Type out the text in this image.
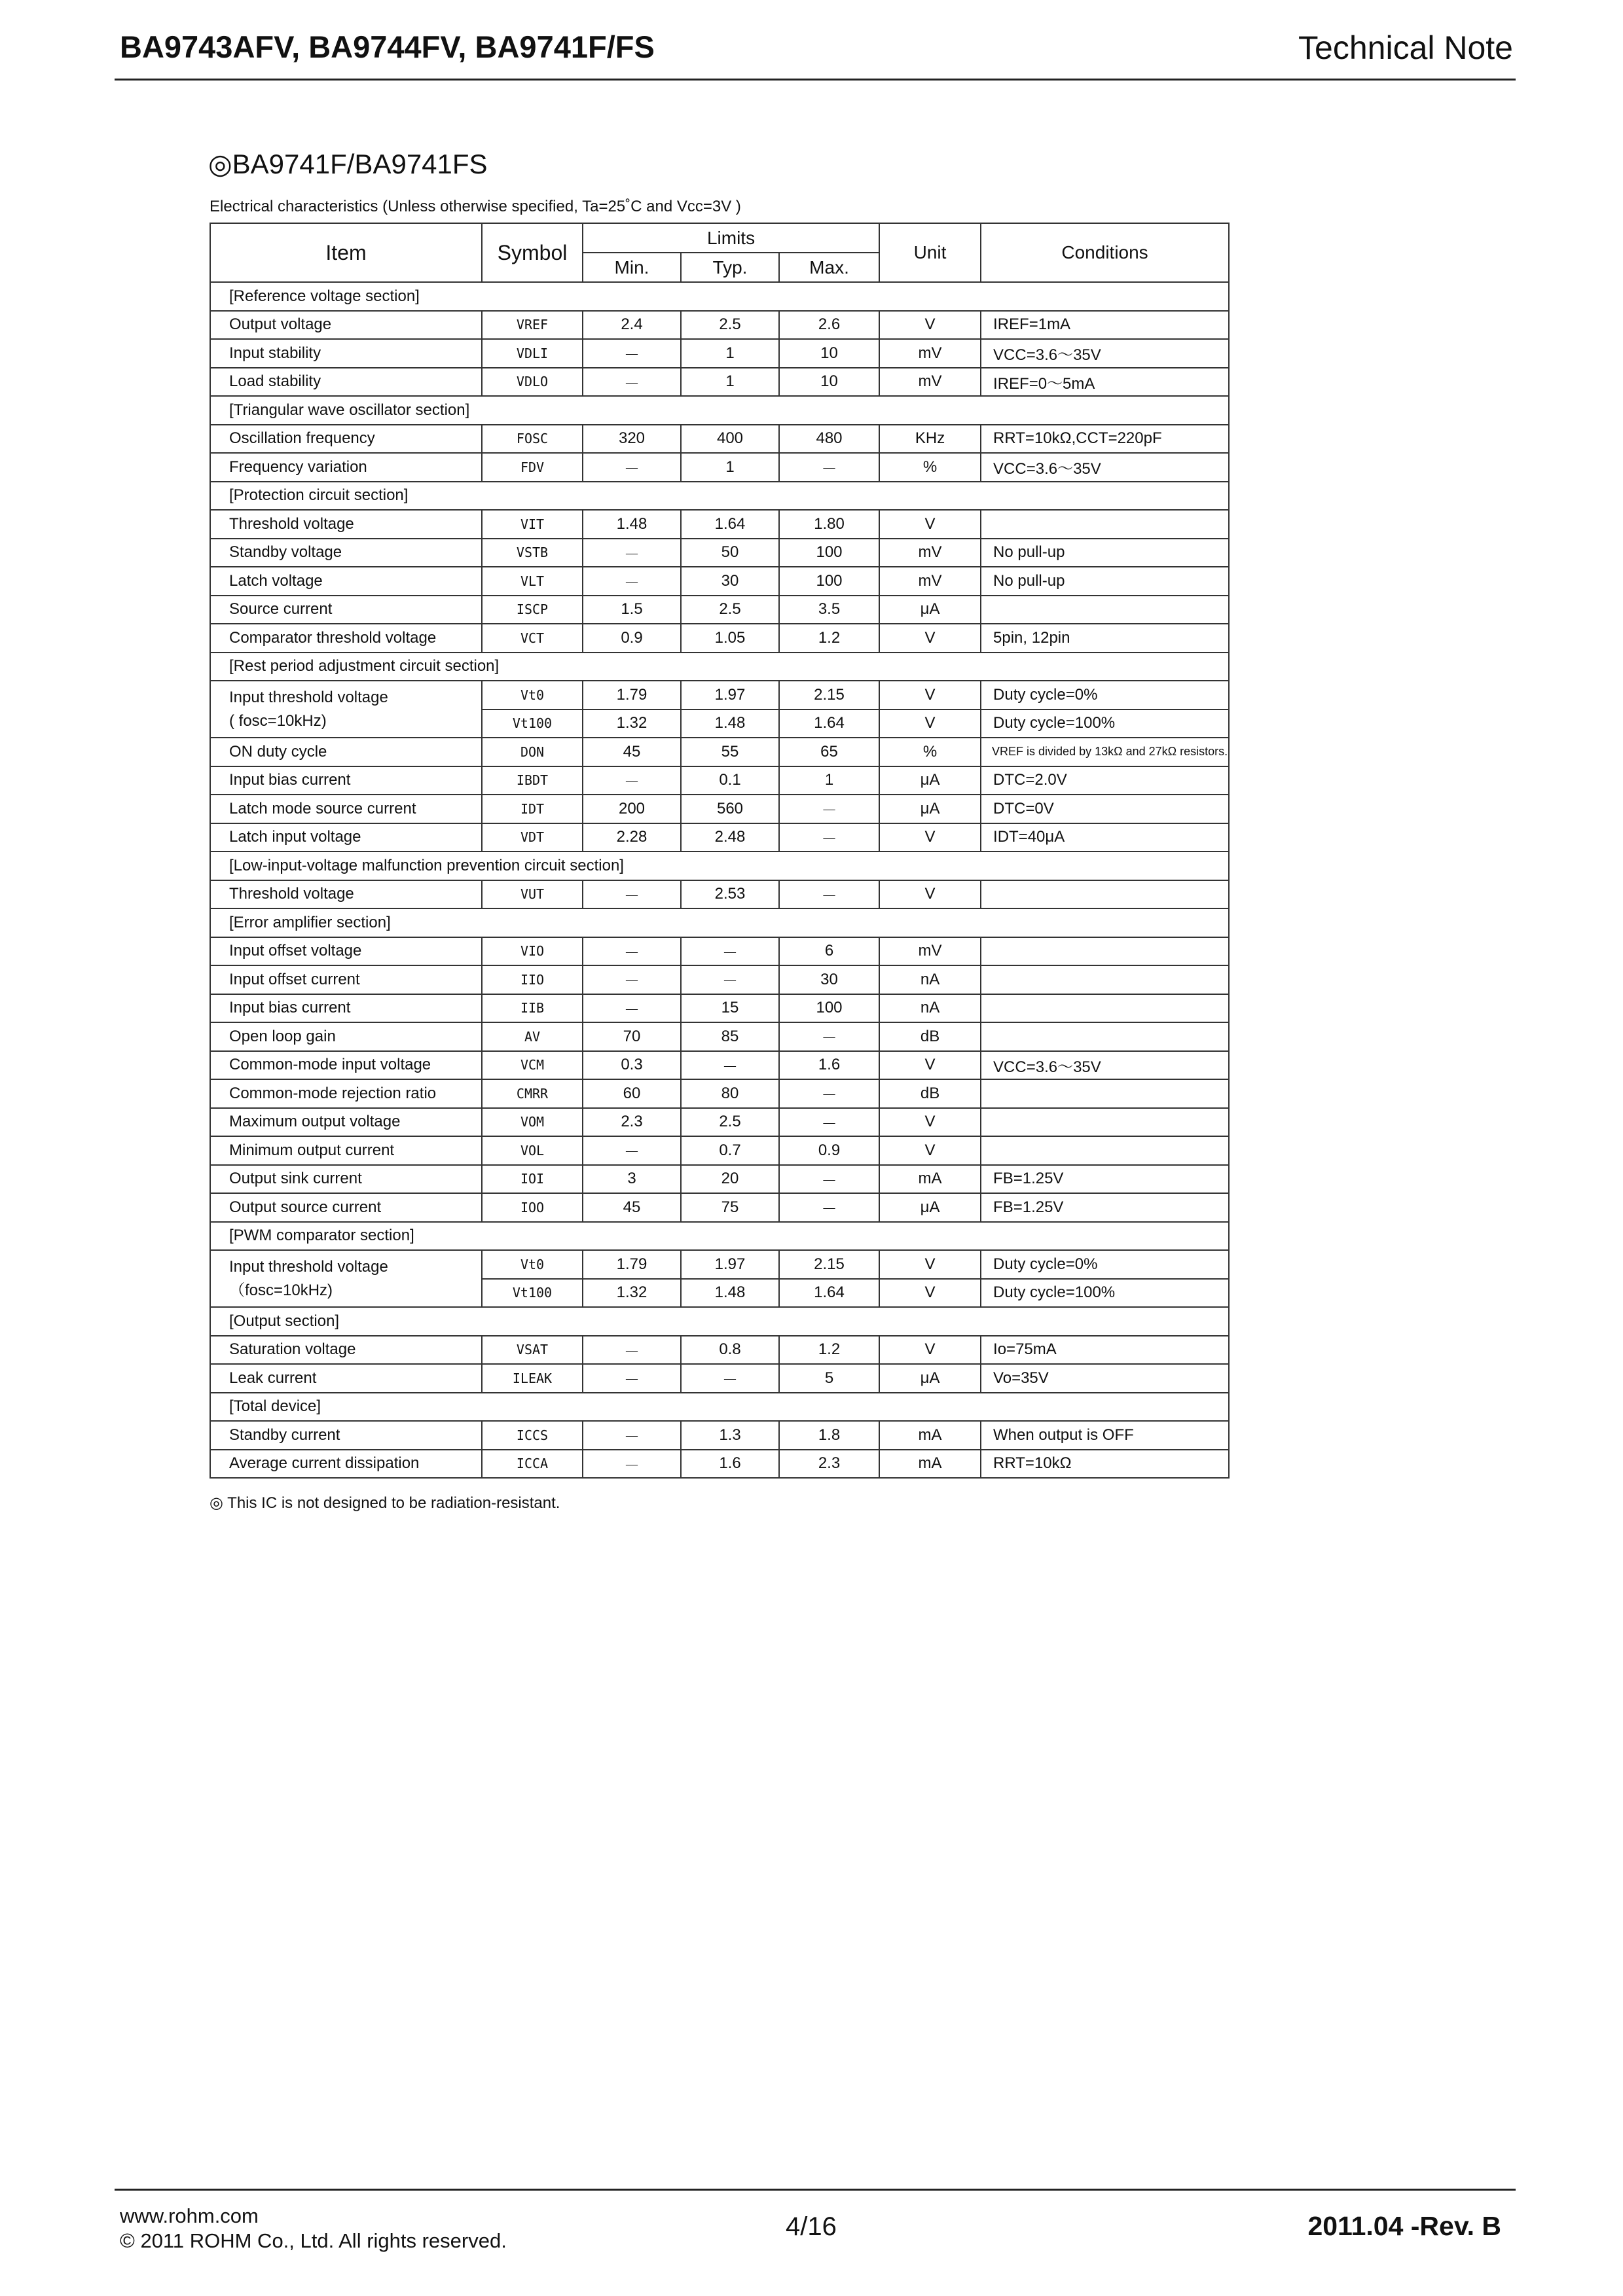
BA9743AFV, BA9744FV, BA9741F/FS	Technical Note
◎BA9741F/BA9741FS
Electrical characteristics (Unless otherwise specified, Ta=25˚C and Vcc=3V )
Item	Symbol	Limits			Unit	Conditions
		Min.	Typ.	Max.		
[Reference voltage section]						
Output voltage	VREF	2.4	2.5	2.6	V	IREF=1mA
Input stability	VDLI	－	1	10	mV	VCC=3.6～35V
Load stability	VDLO	－	1	10	mV	IREF=0～5mA
[Triangular wave oscillator section]						
Oscillation frequency	FOSC	320	400	480	KHz	RRT=10kΩ,CCT=220pF
Frequency variation	FDV	－	1	－	%	VCC=3.6～35V
[Protection circuit section]						
Threshold voltage	VIT	1.48	1.64	1.80	V	
Standby voltage	VSTB	－	50	100	mV	No pull-up
Latch voltage	VLT	－	30	100	mV	No pull-up
Source current	ISCP	1.5	2.5	3.5	μA	
Comparator threshold voltage	VCT	0.9	1.05	1.2	V	5pin, 12pin
[Rest period adjustment circuit section]						

Input threshold voltage
( fosc=10kHz)	Vt0	1.79	1.97	2.15	V	Duty cycle=0%
	Vt100	1.32	1.48	1.64	V	Duty cycle=100%
ON duty cycle	DON	45	55	65	%	VREF is divided by 13kΩ and 27kΩ resistors.
Input bias current	IBDT	－	0.1	1	μA	DTC=2.0V
Latch mode source current	IDT	200	560	－	μA	DTC=0V
Latch input voltage	VDT	2.28	2.48	－	V	IDT=40μA
[Low-input-voltage malfunction prevention circuit section]						
Threshold voltage	VUT	－	2.53	－	V	
[Error amplifier section]						
Input offset voltage	VIO	－	－	6	mV	
Input offset current	IIO	－	－	30	nA	
Input bias current	IIB	－	15	100	nA	
Open loop gain	AV	70	85	－	dB	
Common-mode input voltage	VCM	0.3	－	1.6	V	VCC=3.6～35V
Common-mode rejection ratio	CMRR	60	80	－	dB	
Maximum output voltage	VOM	2.3	2.5	－	V	
Minimum output current	VOL	－	0.7	0.9	V	
Output sink current	IOI	3	20	－	mA	FB=1.25V
Output source current	IOO	45	75	－	μA	FB=1.25V
[PWM comparator section]						

Input threshold voltage
（fosc=10kHz)	Vt0	1.79	1.97	2.15	V	Duty cycle=0%
	Vt100	1.32	1.48	1.64	V	Duty cycle=100%
[Output section]						
Saturation voltage	VSAT	－	0.8	1.2	V	Io=75mA
Leak current	ILEAK	－	－	5	μA	Vo=35V
[Total device]						
Standby current	ICCS	－	1.3	1.8	mA	When output is OFF
Average current dissipation	ICCA	－	1.6	2.3	mA	RRT=10kΩ
◎ This IC is not designed to be radiation-resistant.
www.rohm.com
© 2011 ROHM Co., Ltd. All rights reserved.	4/16	2011.04 -Rev. B
